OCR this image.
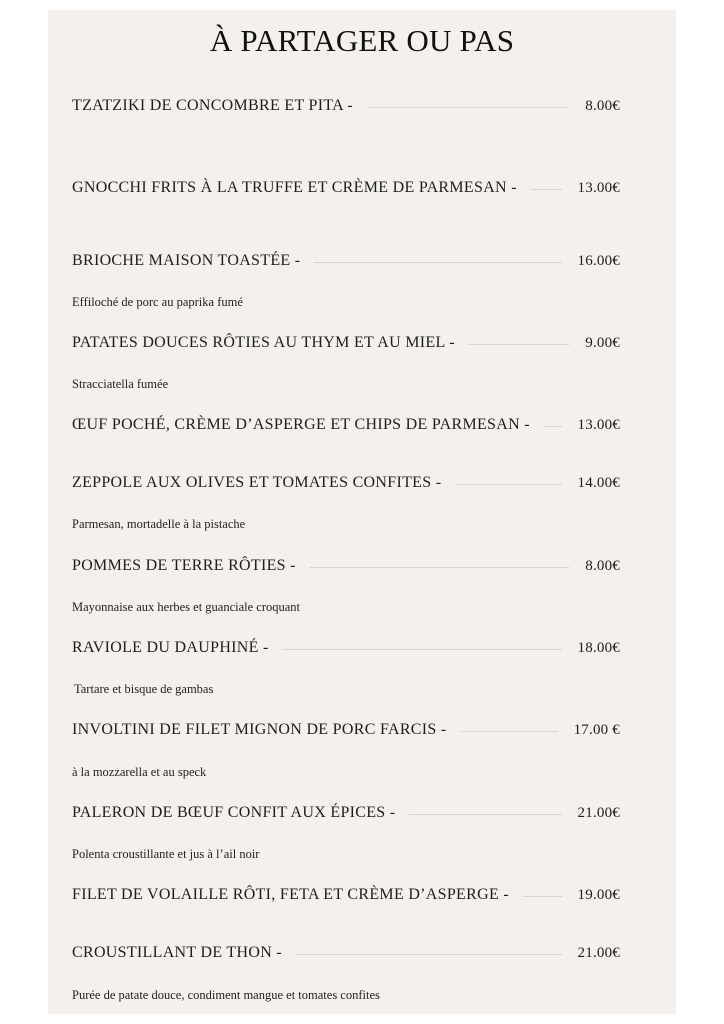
À PARTAGER OU PAS
TZATZIKI DE CONCOMBRE ET PITA -	8.00€
GNOCCHI FRITS À LA TRUFFE ET CRÈME DE PARMESAN -	13.00€
BRIOCHE MAISON TOASTÉE -	16.00€
Effiloché de porc au paprika fumé
PATATES DOUCES RÔTIES AU THYM ET AU MIEL -	9.00€
Stracciatella fumée
ŒUF POCHÉ, CRÈME D’ASPERGE ET CHIPS DE PARMESAN -	13.00€
ZEPPOLE AUX OLIVES ET TOMATES CONFITES -	14.00€
Parmesan, mortadelle à la pistache
POMMES DE TERRE RÔTIES -	8.00€
Mayonnaise aux herbes et guanciale croquant
RAVIOLE DU DAUPHINÉ -	18.00€
Tartare et bisque de gambas
INVOLTINI DE FILET MIGNON DE PORC FARCIS -	17.00 €
à la mozzarella et au speck
PALERON DE BŒUF CONFIT AUX ÉPICES -	21.00€
Polenta croustillante et jus à l’ail noir
FILET DE VOLAILLE RÔTI, FETA ET CRÈME D’ASPERGE -	19.00€
CROUSTILLANT DE THON -	21.00€
Purée de patate douce, condiment mangue et tomates confites
